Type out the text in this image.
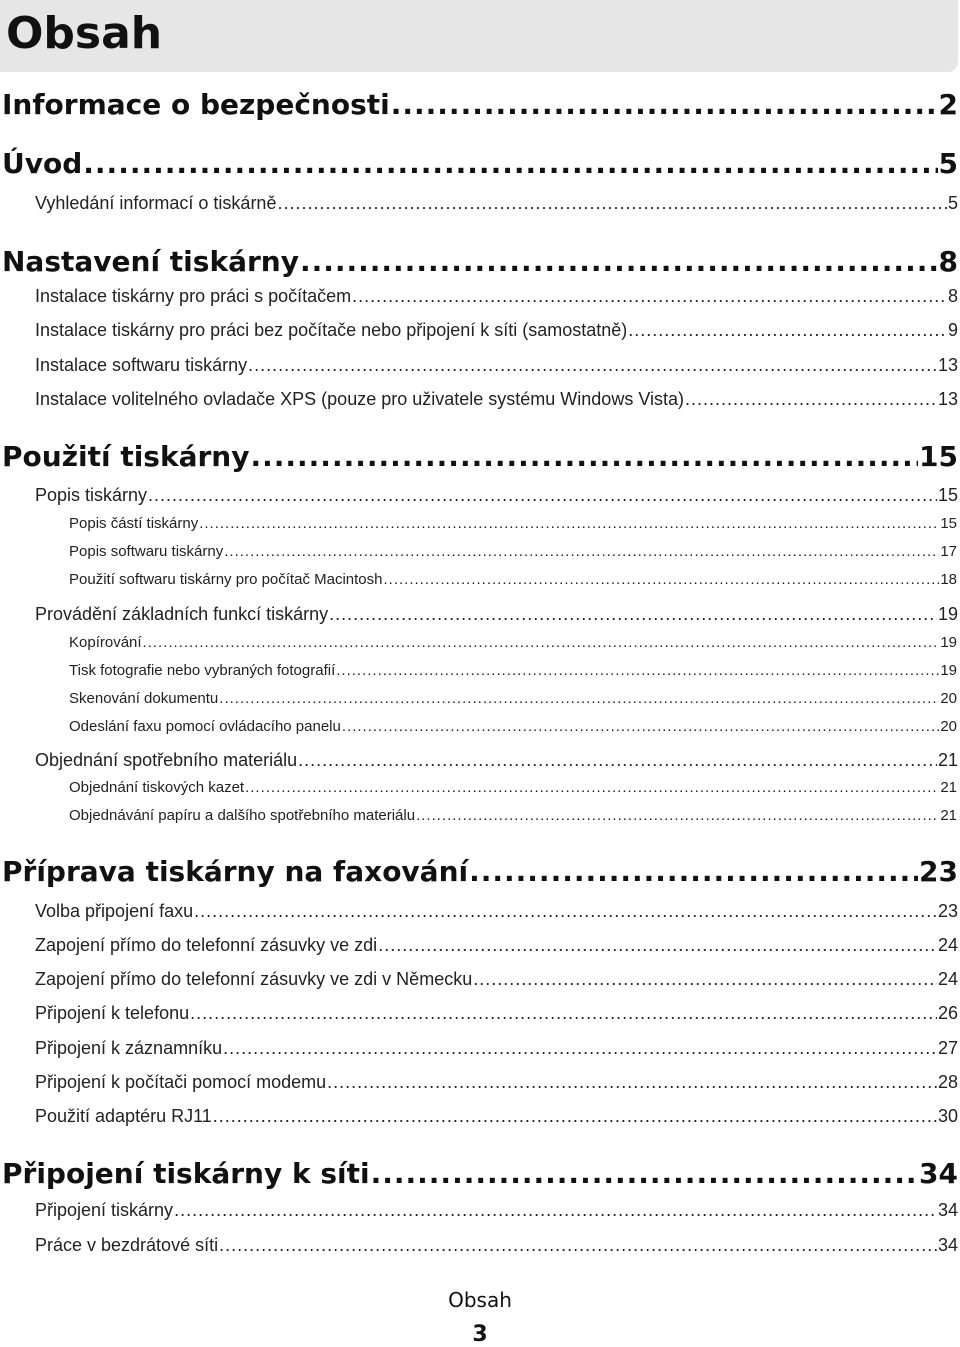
Obsah
Informace o bezpečnosti .....	2
Úvod .....	5
Vyhledání informací o tiskárně .....	5
Nastavení tiskárny .....	8
Instalace tiskárny pro práci s počítačem .....	8
Instalace tiskárny pro práci bez počítače nebo připojení k síti (samostatně) .....	9
Instalace softwaru tiskárny .....	13
Instalace volitelného ovladače XPS (pouze pro uživatele systému Windows Vista) .....	13
Použití tiskárny .....	15
Popis tiskárny .....	15
Popis částí tiskárny .....	15
Popis softwaru tiskárny .....	17
Použití softwaru tiskárny pro počítač Macintosh .....	18
Provádění základních funkcí tiskárny .....	19
Kopírování .....	19
Tisk fotografie nebo vybraných fotografií .....	19
Skenování dokumentu .....	20
Odeslání faxu pomocí ovládacího panelu .....	20
Objednání spotřebního materiálu .....	21
Objednání tiskových kazet .....	21
Objednávání papíru a dalšího spotřebního materiálu .....	21
Příprava tiskárny na faxování .....	23
Volba připojení faxu .....	23
Zapojení přímo do telefonní zásuvky ve zdi .....	24
Zapojení přímo do telefonní zásuvky ve zdi v Německu .....	24
Připojení k telefonu .....	26
Připojení k záznamníku .....	27
Připojení k počítači pomocí modemu .....	28
Použití adaptéru RJ11 .....	30
Připojení tiskárny k síti .....	34
Připojení tiskárny .....	34
Práce v bezdrátové síti .....	34
Obsah
3
